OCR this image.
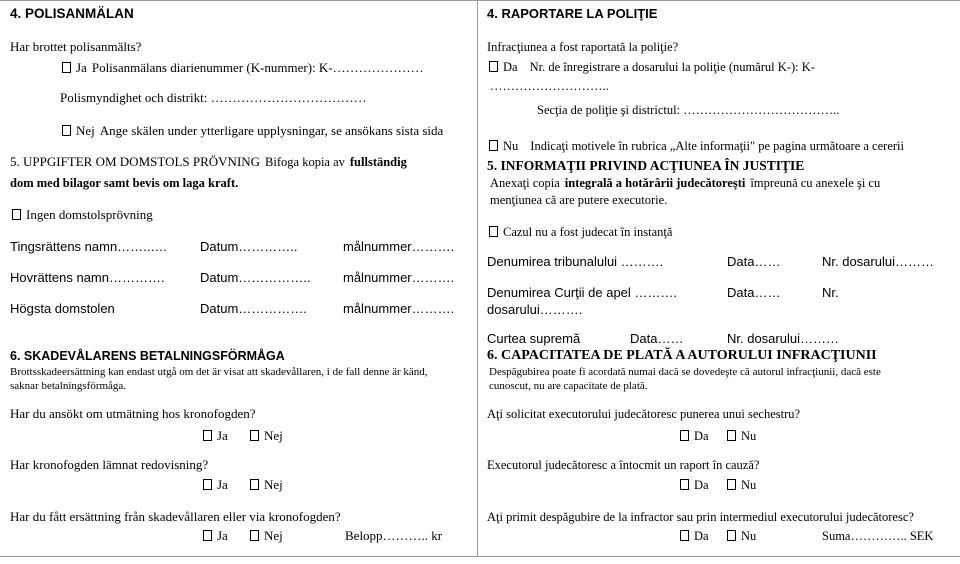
4. POLISANMÄLAN
Har brottet polisanmälts?
Ja Polisanmälans diarienummer (K-nummer): K-…………………
Polismyndighet och distrikt: ………………………………
Nej Ange skälen under ytterligare upplysningar, se ansökans sista sida
5. UPPGIFTER OM DOMSTOLS PRÖVNING Bifoga kopia av fullständig
dom med bilagor samt bevis om laga kraft.
Ingen domstolsprövning
Tingsrättens namn……..….	Datum…………..	målnummer……….
Hovrättens namn………….	Datum…………….. målnummer……….
Högsta domstolen	Datum…………….	målnummer……….
6. SKADEVÅLARENS BETALNINGSFÖRMÅGA
Brottsskadeersättning kan endast utgå om det är visat att skadevållaren, i de fall denne är känd,
saknar betalningsförmåga.
Har du ansökt om utmätning hos kronofogden?
Ja	Nej
Har kronofogden lämnat redovisning?
Ja	Nej
Har du fått ersättning från skadevållaren eller via kronofogden?
Ja	Nej	Belopp……….. kr
4. RAPORTARE LA POLIŢIE
Infracţiunea a fost raportată la poliţie?
Da Nr. de înregistrare a dosarului la poliţie (numărul K-): K-
………………………..
Secţia de poliţie şi districtul: ………………………………..
Nu Indicaţi motivele în rubrica „Alte informaţii" pe pagina următoare a cererii
5. INFORMAŢII PRIVIND ACŢIUNEA ÎN JUSTIŢIE
Anexaţi copia integrală a hotărârii judecătoreşti împreună cu anexele şi cu
menţiunea că are putere executorie.
Cazul nu a fost judecat în instanţă
Denumirea tribunalului ……….	Data……	Nr. dosarului………
Denumirea Curţii de apel ……….	Data……	Nr.
dosarului……….
Curtea supremă	Data……	Nr. dosarului………
6. CAPACITATEA DE PLATĂ A AUTORULUI INFRACŢIUNII
Despăgubirea poate fi acordată numai dacă se dovedeşte că autorul infracţiunii, dacă este
cunoscut, nu are capacitate de plată.
Aţi solicitat executorului judecătoresc punerea unui sechestru?
Da	Nu
Executorul judecătoresc a întocmit un raport în cauză?
Da	Nu
Aţi primit despăgubire de la infractor sau prin intermediul executorului judecătoresc?
Da	Nu	Suma………….. SEK
